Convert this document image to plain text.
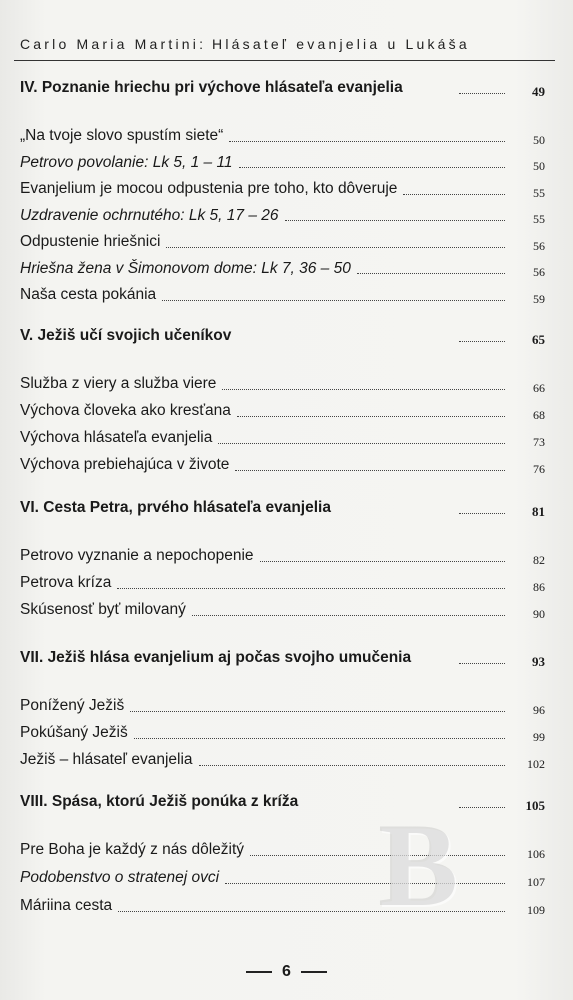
Carlo Maria Martini: Hlásateľ evanjelia u Lukáša
IV. Poznanie hriechu pri výchove hlásateľa evanjelia	49
„Na tvoje slovo spustím siete“	50
Petrovo povolanie: Lk 5, 1 – 11	50
Evanjelium je mocou odpustenia pre toho, kto dôveruje	55
Uzdravenie ochrnutého: Lk 5, 17 – 26	55
Odpustenie hriešnici	56
Hriešna žena v Šimonovom dome: Lk 7, 36 – 50	56
Naša cesta pokánia	59
V. Ježiš učí svojich učeníkov	65
Služba z viery a služba viere	66
Výchova človeka ako kresťana	68
Výchova hlásateľa evanjelia	73
Výchova prebiehajúca v živote	76
VI. Cesta Petra, prvého hlásateľa evanjelia	81
Petrovo vyznanie a nepochopenie	82
Petrova kríza	86
Skúsenosť byť milovaný	90
VII. Ježiš hlása evanjelium aj počas svojho umučenia	93
Ponížený Ježiš	96
Pokúšaný Ježiš	99
Ježiš – hlásateľ evanjelia	102
VIII. Spása, ktorú Ježiš ponúka z kríža	105
Pre Boha je každý z nás dôležitý	106
Podobenstvo o stratenej ovci	107
Máriina cesta	109
B
6
